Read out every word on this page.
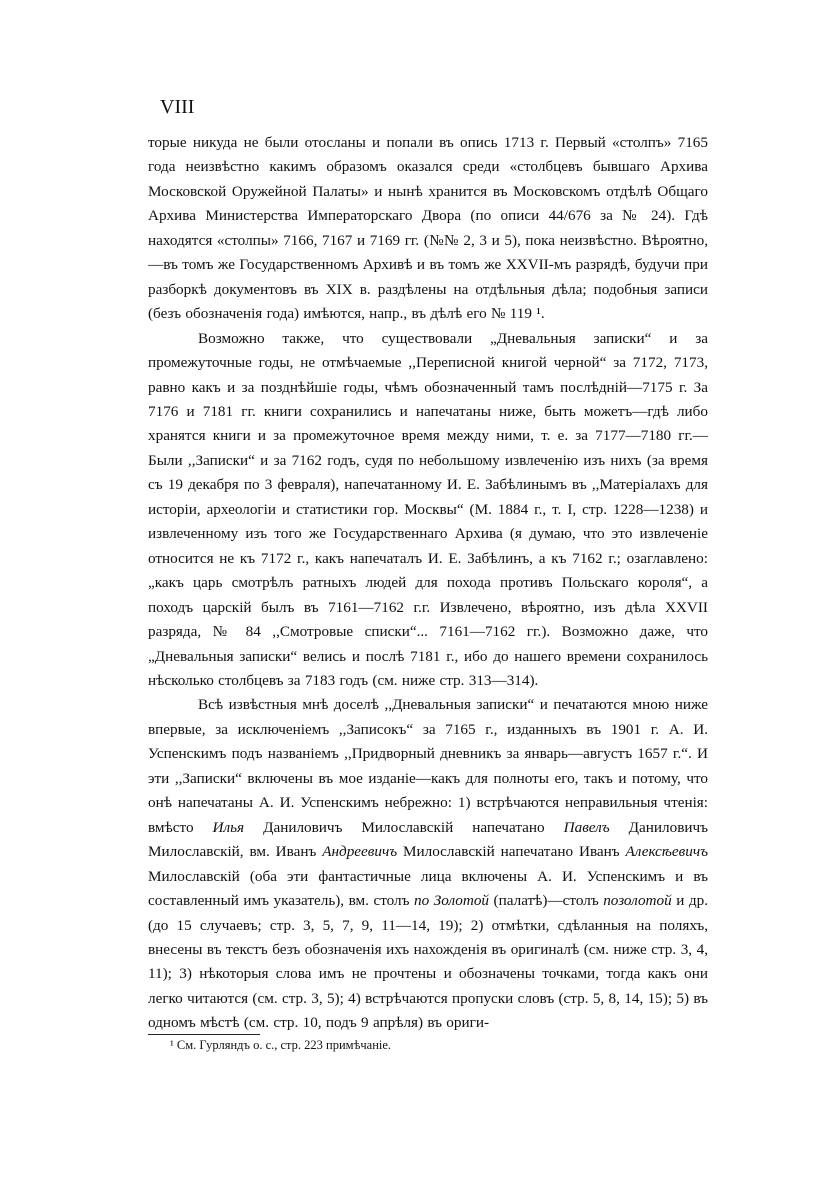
VIII

торые никуда не были отосланы и попали въ опись 1713 г. Первый «столпъ» 7165 года неизвѣстно какимъ образомъ оказался среди «столбцевъ бывшаго Архива Московской Оружейной Палаты» и нынѣ хранится въ Московскомъ отдѣлѣ Общаго Архива Министерства Императорскаго Двора (по описи 44/676 за № 24). Гдѣ находятся «столпы» 7166, 7167 и 7169 гг. (№№ 2, 3 и 5), пока неизвѣстно. Вѣроятно,—въ томъ же Государственномъ Архивѣ и въ томъ же XXVII-мъ разрядѣ, будучи при разборкѣ документовъ въ XIX в. раздѣлены на отдѣльныя дѣла; подобныя записи (безъ обозначенія года) имѣются, напр., въ дѣлѣ его № 119 ¹.

Возможно также, что существовали „Дневальныя записки“ и за промежуточные годы, не отмѣчаемые ,,Переписной книгой черной“ за 7172, 7173, равно какъ и за позднѣйшіе годы, чѣмъ обозначенный тамъ послѣдній—7175 г. За 7176 и 7181 гг. книги сохранились и напечатаны ниже, быть можетъ—гдѣ либо хранятся книги и за промежуточное время между ними, т. е. за 7177—7180 гг.—Были ,,Записки“ и за 7162 годъ, судя по небольшому извлеченію изъ нихъ (за время съ 19 декабря по 3 февраля), напечатанному И. Е. Забѣлинымъ въ ,,Матеріалахъ для исторіи, археологіи и статистики гор. Москвы“ (М. 1884 г., т. I, стр. 1228—1238) и извлеченному изъ того же Государственнаго Архива (я думаю, что это извлеченіе относится не къ 7172 г., какъ напечаталъ И. Е. Забѣлинъ, а къ 7162 г.; озаглавлено: „какъ царь смотрѣлъ ратныхъ людей для похода противъ Польскаго короля“, а походъ царскій былъ въ 7161—7162 г.г. Извлечено, вѣроятно, изъ дѣла XXVII разряда, № 84 ,,Смотровые списки“... 7161—7162 гг.). Возможно даже, что „Дневальныя записки“ велись и послѣ 7181 г., ибо до нашего времени сохранилось нѣсколько столбцевъ за 7183 годъ (см. ниже стр. 313—314).

Всѣ извѣстныя мнѣ доселѣ ,,Дневальныя записки“ и печатаются мною ниже впервые, за исключеніемъ ,,Записокъ“ за 7165 г., изданныхъ въ 1901 г. А. И. Успенскимъ подъ названіемъ ,,Придворный дневникъ за январь—августъ 1657 г.“. И эти ,,Записки“ включены въ мое изданіе—какъ для полноты его, такъ и потому, что онѣ напечатаны А. И. Успенскимъ небрежно: 1) встрѣчаются неправильныя чтенія: вмѣсто Илья Даниловичъ Милославскій напечатано Павелъ Даниловичъ Милославскій, вм. Иванъ Андреевичъ Милославскій напечатано Иванъ Алексѣевичъ Милославскій (оба эти фантастичные лица включены А. И. Успенскимъ и въ составленный имъ указатель), вм. столъ по Золотой (палатѣ)—столъ позолотой и др. (до 15 случаевъ; стр. 3, 5, 7, 9, 11—14, 19); 2) отмѣтки, сдѣланныя на поляхъ, внесены въ текстъ безъ обозначенія ихъ нахожденія въ оригиналѣ (см. ниже стр. 3, 4, 11); 3) нѣкоторыя слова имъ не прочтены и обозначены точками, тогда какъ они легко читаются (см. стр. 3, 5); 4) встрѣчаются пропуски словъ (стр. 5, 8, 14, 15); 5) въ одномъ мѣстѣ (см. стр. 10, подъ 9 апрѣля) въ ориги-

¹ См. Гурляндъ о. с., стр. 223 примѣчаніе.
